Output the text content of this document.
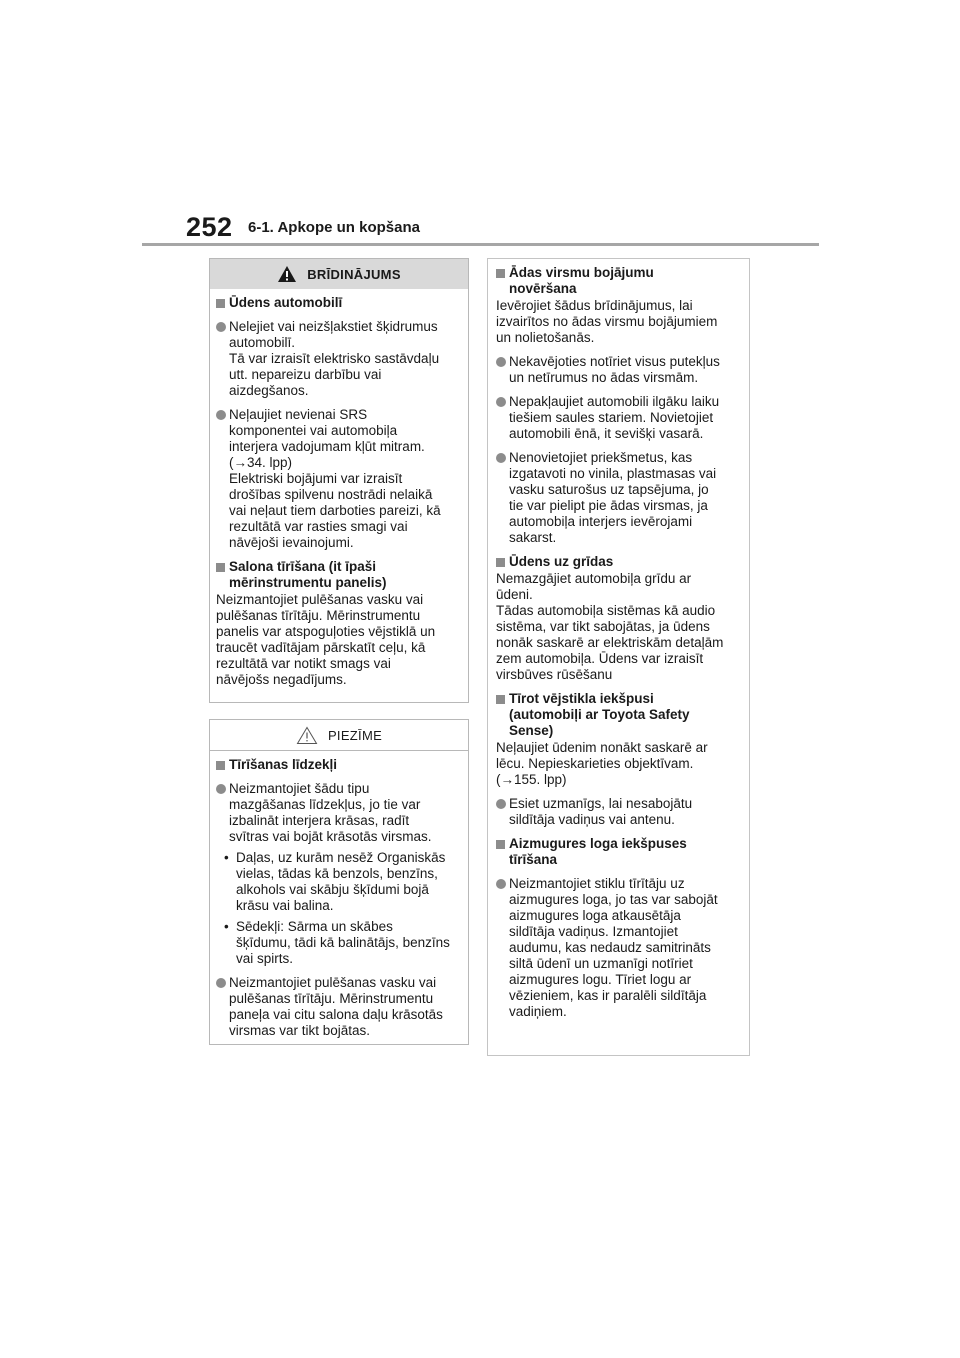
252 6-1. Apkope un kopšana
BRĪDINĀJUMS
Ūdens automobilī
Nelejiet vai neizšļakstiet šķidrumus
automobilī.
Tā var izraisīt elektrisko sastāvdaļu
utt. nepareizu darbību vai
aizdegšanos.
Neļaujiet nevienai SRS
komponentei vai automobiļa
interjera vadojumam kļūt mitram.
(→34. lpp)
Elektriski bojājumi var izraisīt
drošības spilvenu nostrādi nelaikā
vai neļaut tiem darboties pareizi, kā
rezultātā var rasties smagi vai
nāvējoši ievainojumi.
Salona tīrīšana (it īpaši
mērinstrumentu panelis)
Neizmantojiet pulēšanas vasku vai
pulēšanas tīrītāju. Mērinstrumentu
panelis var atspoguļoties vējstiklā un
traucēt vadītājam pārskatīt ceļu, kā
rezultātā var notikt smags vai
nāvējošs negadījums.
PIEZĪME
Tīrīšanas līdzekļi
Neizmantojiet šādu tipu
mazgāšanas līdzekļus, jo tie var
izbalināt interjera krāsas, radīt
svītras vai bojāt krāsotās virsmas.
• Daļas, uz kurām nesēž Organiskās
vielas, tādas kā benzols, benzīns,
alkohols vai skābju šķīdumi bojā
krāsu vai balina.
• Sēdekļi: Sārma un skābes
šķīdumu, tādi kā balinātājs, benzīns
vai spirts.
Neizmantojiet pulēšanas vasku vai
pulēšanas tīrītāju. Mērinstrumentu
paneļa vai citu salona daļu krāsotās
virsmas var tikt bojātas.
Ādas virsmu bojājumu
novēršana
Ievērojiet šādus brīdinājumus, lai
izvairītos no ādas virsmu bojājumiem
un nolietošanās.
Nekavējoties notīriet visus putekļus
un netīrumus no ādas virsmām.
Nepakļaujiet automobili ilgāku laiku
tiešiem saules stariem. Novietojiet
automobili ēnā, it sevišķi vasarā.
Nenovietojiet priekšmetus, kas
izgatavoti no vinila, plastmasas vai
vasku saturošus uz tapsējuma, jo
tie var pielipt pie ādas virsmas, ja
automobiļa interjers ievērojami
sakarst.
Ūdens uz grīdas
Nemazgājiet automobiļa grīdu ar
ūdeni.
Tādas automobiļa sistēmas kā audio
sistēma, var tikt sabojātas, ja ūdens
nonāk saskarē ar elektriskām detaļām
zem automobiļa. Ūdens var izraisīt
virsbūves rūsēšanu
Tīrot vējstikla iekšpusi
(automobiļi ar Toyota Safety
Sense)
Neļaujiet ūdenim nonākt saskarē ar
lēcu. Nepieskarieties objektīvam.
(→155. lpp)
Esiet uzmanīgs, lai nesabojātu
sildītāja vadiņus vai antenu.
Aizmugures loga iekšpuses
tīrīšana
Neizmantojiet stiklu tīrītāju uz
aizmugures loga, jo tas var sabojāt
aizmugures loga atkausētāja
sildītāja vadiņus. Izmantojiet
audumu, kas nedaudz samitrināts
siltā ūdenī un uzmanīgi notīriet
aizmugures logu. Tīriet logu ar
vēzieniem, kas ir paralēli sildītāja
vadiņiem.
